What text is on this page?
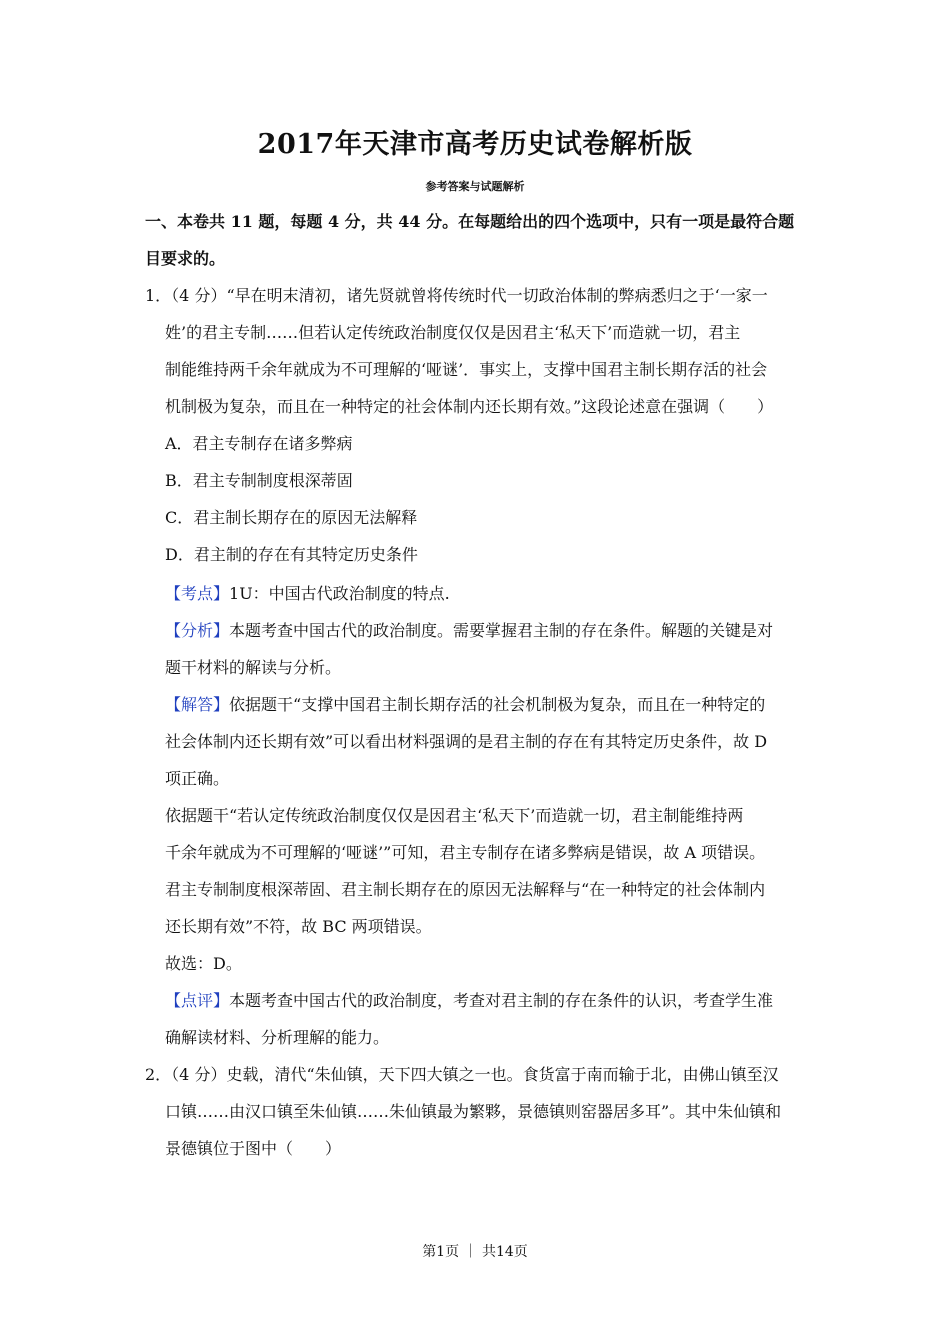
2017年天津市高考历史试卷解析版
参考答案与试题解析
一、本卷共 11 题，每题 4 分，共 44 分。在每题给出的四个选项中，只有一项是最符合题
目要求的。
1．（4 分）“早在明末清初，诸先贤就曾将传统时代一切政治体制的弊病悉归之于‘一家一
姓’的君主专制……但若认定传统政治制度仅仅是因君主‘私天下’而造就一切，君主
制能维持两千余年就成为不可理解的‘哑谜’．事实上，支撑中国君主制长期存活的社会
机制极为复杂，而且在一种特定的社会体制内还长期有效。”这段论述意在强调（　　）
A．君主专制存在诸多弊病
B．君主专制制度根深蒂固
C．君主制长期存在的原因无法解释
D．君主制的存在有其特定历史条件
【考点】1U：中国古代政治制度的特点.
【分析】本题考查中国古代的政治制度。需要掌握君主制的存在条件。解题的关键是对
题干材料的解读与分析。
【解答】依据题干“支撑中国君主制长期存活的社会机制极为复杂，而且在一种特定的
社会体制内还长期有效”可以看出材料强调的是君主制的存在有其特定历史条件，故 D
项正确。
依据题干“若认定传统政治制度仅仅是因君主‘私天下’而造就一切，君主制能维持两
千余年就成为不可理解的‘哑谜’”可知，君主专制存在诸多弊病是错误，故 A 项错误。
君主专制制度根深蒂固、君主制长期存在的原因无法解释与“在一种特定的社会体制内
还长期有效”不符，故 BC 两项错误。
故选：D。
【点评】本题考查中国古代的政治制度，考查对君主制的存在条件的认识，考查学生准
确解读材料、分析理解的能力。
2．（4 分）史载，清代“朱仙镇，天下四大镇之一也。食货富于南而输于北，由佛山镇至汉
口镇……由汉口镇至朱仙镇……朱仙镇最为繁夥，景德镇则窑器居多耳”。其中朱仙镇和
景德镇位于图中（　　）
第1页 ｜ 共14页
